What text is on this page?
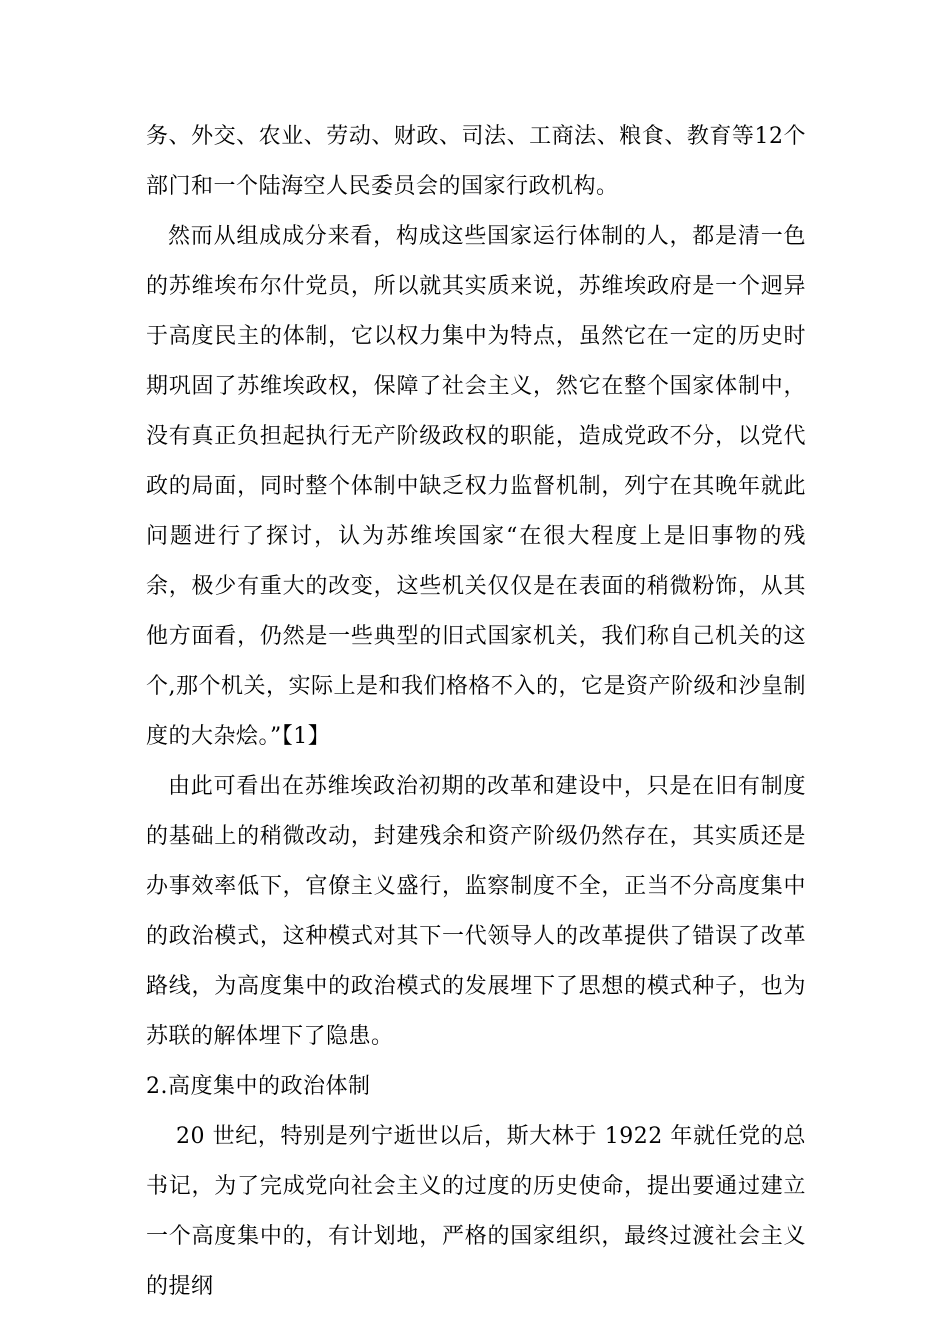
务、外交、农业、劳动、财政、司法、工商法、粮食、教育等12个部门和一个陆海空人民委员会的国家行政机构。

然而从组成成分来看，构成这些国家运行体制的人，都是清一色的苏维埃布尔什党员，所以就其实质来说，苏维埃政府是一个迥异于高度民主的体制，它以权力集中为特点，虽然它在一定的历史时期巩固了苏维埃政权，保障了社会主义，然它在整个国家体制中，没有真正负担起执行无产阶级政权的职能，造成党政不分，以党代政的局面，同时整个体制中缺乏权力监督机制，列宁在其晚年就此问题进行了探讨，认为苏维埃国家“在很大程度上是旧事物的残余，极少有重大的改变，这些机关仅仅是在表面的稍微粉饰，从其他方面看，仍然是一些典型的旧式国家机关，我们称自己机关的这个,那个机关，实际上是和我们格格不入的，它是资产阶级和沙皇制度的大杂烩。”【1】

由此可看出在苏维埃政治初期的改革和建设中，只是在旧有制度的基础上的稍微改动，封建残余和资产阶级仍然存在，其实质还是办事效率低下，官僚主义盛行，监察制度不全，正当不分高度集中的政治模式，这种模式对其下一代领导人的改革提供了错误了改革路线，为高度集中的政治模式的发展埋下了思想的模式种子，也为苏联的解体埋下了隐患。

2.高度集中的政治体制

20 世纪，特别是列宁逝世以后，斯大林于 1922 年就任党的总书记，为了完成党向社会主义的过度的历史使命，提出要通过建立一个高度集中的，有计划地，严格的国家组织，最终过渡社会主义的提纲
